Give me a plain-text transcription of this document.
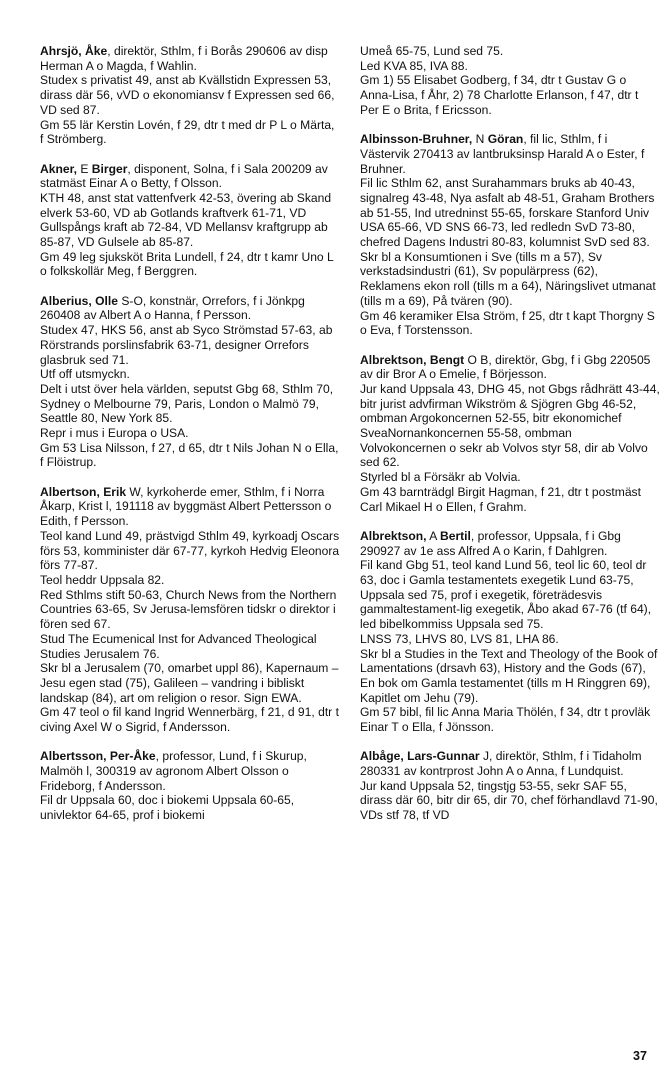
Ahrsjö, Åke, direktör, Sthlm, f i Borås 290606 av disp Herman A o Magda, f Wahlin.
Studex s privatist 49, anst ab Kvällstidn Expressen 53, dirass där 56, vVD o ekonomiansv f Expressen sed 66, VD sed 87.
Gm 55 lär Kerstin Lovén, f 29, dtr t med dr P L o Märta, f Strömberg.

Akner, E Birger, disponent, Solna, f i Sala 200209 av statmäst Einar A o Betty, f Olsson.
KTH 48, anst stat vattenfverk 42-53, övering ab Skand elverk 53-60, VD ab Gotlands kraftverk 61-71, VD Gullspångs kraft ab 72-84, VD Mellansv kraftgrupp ab 85-87, VD Gulsele ab 85-87.
Gm 49 leg sjuksköt Brita Lundell, f 24, dtr t kamr Uno L o folkskollär Meg, f Berggren.

Alberius, Olle S-O, konstnär, Orrefors, f i Jönkpg 260408 av Albert A o Hanna, f Persson.
Studex 47, HKS 56, anst ab Syco Strömstad 57-63, ab Rörstrands porslinsfabrik 63-71, designer Orrefors glasbruk sed 71.
Utf off utsmyckn.
Delt i utst över hela världen, seputst Gbg 68, Sthlm 70, Sydney o Melbourne 79, Paris, London o Malmö 79, Seattle 80, New York 85.
Repr i mus i Europa o USA.
Gm 53 Lisa Nilsson, f 27, d 65, dtr t Nils Johan N o Ella, f Flöistrup.

Albertson, Erik W, kyrkoherde emer, Sthlm, f i Norra Åkarp, Krist l, 191118 av byggmäst Albert Pettersson o Edith, f Persson.
Teol kand Lund 49, prästvigd Sthlm 49, kyrkoadj Oscars förs 53, komminister där 67-77, kyrkoh Hedvig Eleonora förs 77-87.
Teol heddr Uppsala 82.
Red Sthlms stift 50-63, Church News from the Northern Countries 63-65, Sv Jerusa-lemsfören tidskr o direktor i fören sed 67.
Stud The Ecumenical Inst for Advanced Theological Studies Jerusalem 76.
Skr bl a Jerusalem (70, omarbet uppl 86), Kapernaum – Jesu egen stad (75), Galileen – vandring i bibliskt landskap (84), art om religion o resor. Sign EWA.
Gm 47 teol o fil kand Ingrid Wennerbärg, f 21, d 91, dtr t civing Axel W o Sigrid, f Andersson.

Albertsson, Per-Åke, professor, Lund, f i Skurup, Malmöh l, 300319 av agronom Albert Olsson o Frideborg, f Andersson.
Fil dr Uppsala 60, doc i biokemi Uppsala 60-65, univlektor 64-65, prof i biokemi

Umeå 65-75, Lund sed 75.
Led KVA 85, IVA 88.
Gm 1) 55 Elisabet Godberg, f 34, dtr t Gustav G o Anna-Lisa, f Åhr, 2) 78 Charlotte Erlanson, f 47, dtr t Per E o Brita, f Ericsson.

Albinsson-Bruhner, N Göran, fil lic, Sthlm, f i Västervik 270413 av lantbruksinsp Harald A o Ester, f Bruhner.
Fil lic Sthlm 62, anst Surahammars bruks ab 40-43, signalreg 43-48, Nya asfalt ab 48-51, Graham Brothers ab 51-55, Ind utredninst 55-65, forskare Stanford Univ USA 65-66, VD SNS 66-73, led redledn SvD 73-80, chefred Dagens Industri 80-83, kolumnist SvD sed 83.
Skr bl a Konsumtionen i Sve (tills m a 57), Sv verkstadsindustri (61), Sv populärpress (62), Reklamens ekon roll (tills m a 64), Näringslivet utmanat (tills m a 69), På tvären (90).
Gm 46 keramiker Elsa Ström, f 25, dtr t kapt Thorgny S o Eva, f Torstensson.

Albrektson, Bengt O B, direktör, Gbg, f i Gbg 220505 av dir Bror A o Emelie, f Börjesson.
Jur kand Uppsala 43, DHG 45, not Gbgs rådhrätt 43-44, bitr jurist advfirman Wikström & Sjögren Gbg 46-52, ombman Argokoncernen 52-55, bitr ekonomichef SveaNornankoncernen 55-58, ombman Volvokoncernen o sekr ab Volvos styr 58, dir ab Volvo sed 62.
Styrled bl a Försäkr ab Volvia.
Gm 43 barnträdgl Birgit Hagman, f 21, dtr t postmäst Carl Mikael H o Ellen, f Grahm.

Albrektson, A Bertil, professor, Uppsala, f i Gbg 290927 av 1e ass Alfred A o Karin, f Dahlgren.
Fil kand Gbg 51, teol kand Lund 56, teol lic 60, teol dr 63, doc i Gamla testamentets exegetik Lund 63-75, Uppsala sed 75, prof i exegetik, företrädesvis gammaltestament-lig exegetik, Åbo akad 67-76 (tf 64), led bibelkommiss Uppsala sed 75.
LNSS 73, LHVS 80, LVS 81, LHA 86.
Skr bl a Studies in the Text and Theology of the Book of Lamentations (drsavh 63), History and the Gods (67), En bok om Gamla testamentet (tills m H Ringgren 69), Kapitlet om Jehu (79).
Gm 57 bibl, fil lic Anna Maria Thölén, f 34, dtr t provläk Einar T o Ella, f Jönsson.

Albåge, Lars-Gunnar J, direktör, Sthlm, f i Tidaholm 280331 av kontrprost John A o Anna, f Lundquist.
Jur kand Uppsala 52, tingstjg 53-55, sekr SAF 55, dirass där 60, bitr dir 65, dir 70, chef förhandlavd 71-90, VDs stf 78, tf VD

37
